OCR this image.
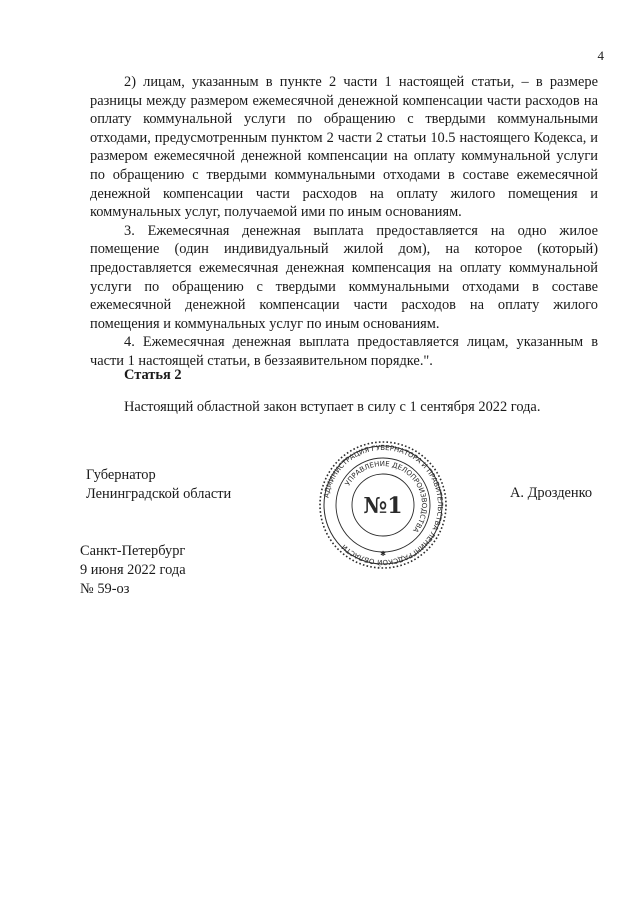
4

2) лицам, указанным в пункте 2 части 1 настоящей статьи, – в размере разницы между размером ежемесячной денежной компенсации части расходов на оплату коммунальной услуги по обращению с твердыми коммунальными отходами, предусмотренным пунктом 2 части 2 статьи 10.5 настоящего Кодекса, и размером ежемесячной денежной компенсации на оплату коммунальной услуги по обращению с твердыми коммунальными отходами в составе ежемесячной денежной компенсации части расходов на оплату жилого помещения и коммунальных услуг, получаемой ими по иным основаниям.

3. Ежемесячная денежная выплата предоставляется на одно жилое помещение (один индивидуальный жилой дом), на которое (который) предоставляется ежемесячная денежная компенсация на оплату коммунальной услуги по обращению с твердыми коммунальными отходами в составе ежемесячной денежной компенсации части расходов на оплату жилого помещения и коммунальных услуг по иным основаниям.

4. Ежемесячная денежная выплата предоставляется лицам, указанным в части 1 настоящей статьи, в беззаявительном порядке.".

Статья 2
Настоящий областной закон вступает в силу с 1 сентября 2022 года.
Губернатор
Ленинградской области	АДМИНИСТРАЦИЯ ГУБЕРНАТОРА И ПРАВИТЕЛЬСТВА ЛЕНИНГРАДСКОЙ ОБЛАСТИ
УПРАВЛЕНИЕ ДЕЛОПРОИЗВОДСТВА
№1
✱
А. Дрозденко
Санкт-Петербург
9 июня 2022 года
№ 59-оз
